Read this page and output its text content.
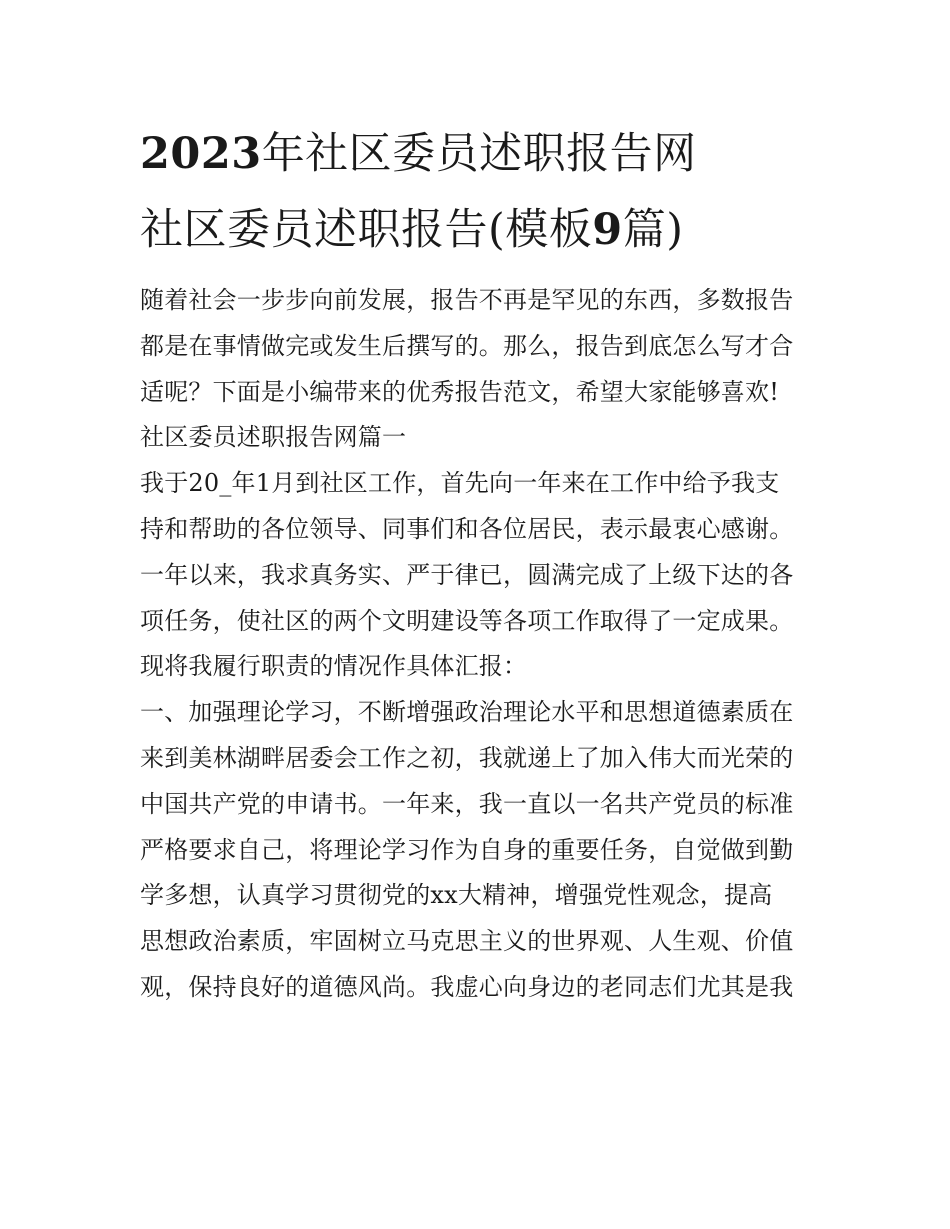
2023年社区委员述职报告网
社区委员述职报告(模板9篇)
随着社会一步步向前发展，报告不再是罕见的东西，多数报告
都是在事情做完或发生后撰写的。那么，报告到底怎么写才合
适呢？下面是小编带来的优秀报告范文，希望大家能够喜欢!
社区委员述职报告网篇一
我于20_年1月到社区工作，首先向一年来在工作中给予我支
持和帮助的各位领导、同事们和各位居民，表示最衷心感谢。
一年以来，我求真务实、严于律已，圆满完成了上级下达的各
项任务，使社区的两个文明建设等各项工作取得了一定成果。
现将我履行职责的情况作具体汇报：
一、加强理论学习，不断增强政治理论水平和思想道德素质在
来到美林湖畔居委会工作之初，我就递上了加入伟大而光荣的
中国共产党的申请书。一年来，我一直以一名共产党员的标准
严格要求自己，将理论学习作为自身的重要任务，自觉做到勤
学多想，认真学习贯彻党的xx大精神，增强党性观念，提高
思想政治素质，牢固树立马克思主义的世界观、人生观、价值
观，保持良好的道德风尚。我虚心向身边的老同志们尤其是我
